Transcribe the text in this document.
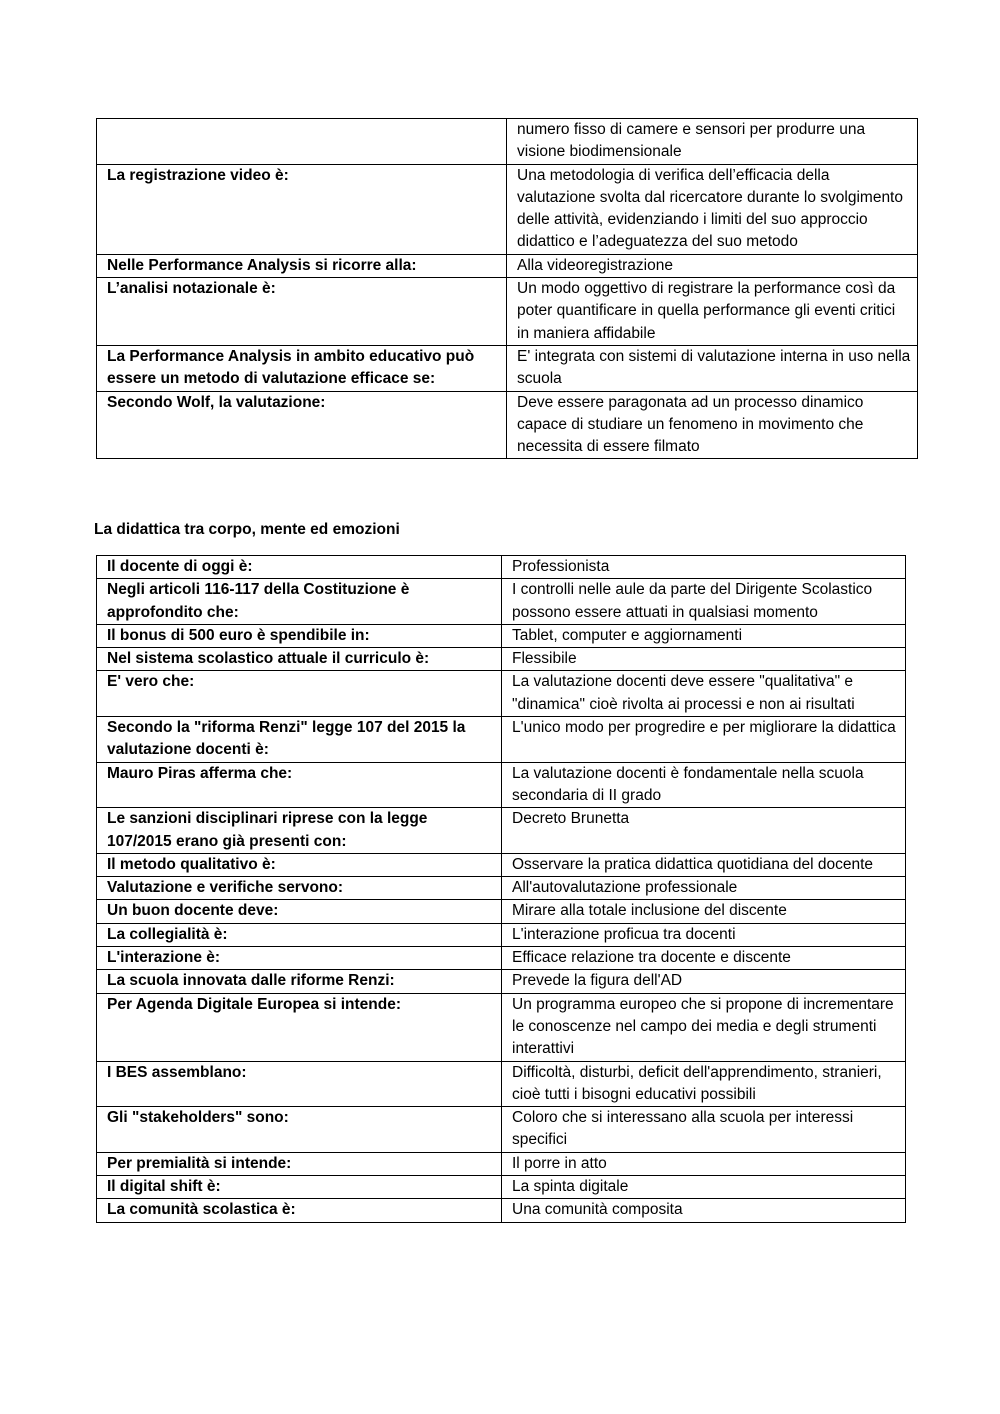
	numero fisso di camere e sensori per produrre una visione biodimensionale
La registrazione video è:	Una metodologia di verifica dell’efficacia della valutazione svolta dal ricercatore durante lo svolgimento delle attività, evidenziando i limiti del suo approccio didattico e l’adeguatezza del suo metodo
Nelle Performance Analysis si ricorre alla:	Alla videoregistrazione
L’analisi notazionale è:	Un modo oggettivo di registrare la performance così da poter quantificare in quella performance gli eventi critici in maniera affidabile
La Performance Analysis in ambito educativo può essere un metodo di valutazione efficace se:	E' integrata con sistemi di valutazione interna in uso nella scuola
Secondo Wolf, la valutazione:	Deve essere paragonata ad un processo dinamico capace di studiare un fenomeno in movimento che necessita di essere filmato

La didattica tra corpo, mente ed emozioni

Il docente di oggi è:	Professionista
Negli articoli 116-117 della Costituzione è approfondito che:	I controlli nelle aule da parte del Dirigente Scolastico possono essere attuati in qualsiasi momento
Il bonus di 500 euro è spendibile in:	Tablet, computer e aggiornamenti
Nel sistema scolastico attuale il curriculo è:	Flessibile
E' vero che:	La valutazione docenti deve essere "qualitativa" e "dinamica" cioè rivolta ai processi e non ai risultati
Secondo la "riforma Renzi" legge 107 del 2015 la valutazione docenti è:	L'unico modo per progredire e per migliorare la didattica
Mauro Piras afferma che:	La valutazione docenti è fondamentale nella scuola secondaria di II grado
Le sanzioni disciplinari riprese con la legge 107/2015 erano già presenti con:	Decreto Brunetta
Il metodo qualitativo è:	Osservare la pratica didattica quotidiana del docente
Valutazione e verifiche servono:	All'autovalutazione professionale
Un buon docente deve:	Mirare alla totale inclusione del discente
La collegialità è:	L'interazione proficua tra docenti
L'interazione è:	Efficace relazione tra docente e discente
La scuola innovata dalle riforme Renzi:	Prevede la figura dell'AD
Per Agenda Digitale Europea si intende:	Un programma europeo che si propone di incrementare le conoscenze nel campo dei media e degli strumenti interattivi
I BES assemblano:	Difficoltà, disturbi, deficit dell'apprendimento, stranieri, cioè tutti i bisogni educativi possibili
Gli "stakeholders" sono:	Coloro che si interessano alla scuola per interessi specifici
Per premialità si intende:	Il porre in atto
Il digital shift è:	La spinta digitale
La comunità scolastica è:	Una comunità composita
